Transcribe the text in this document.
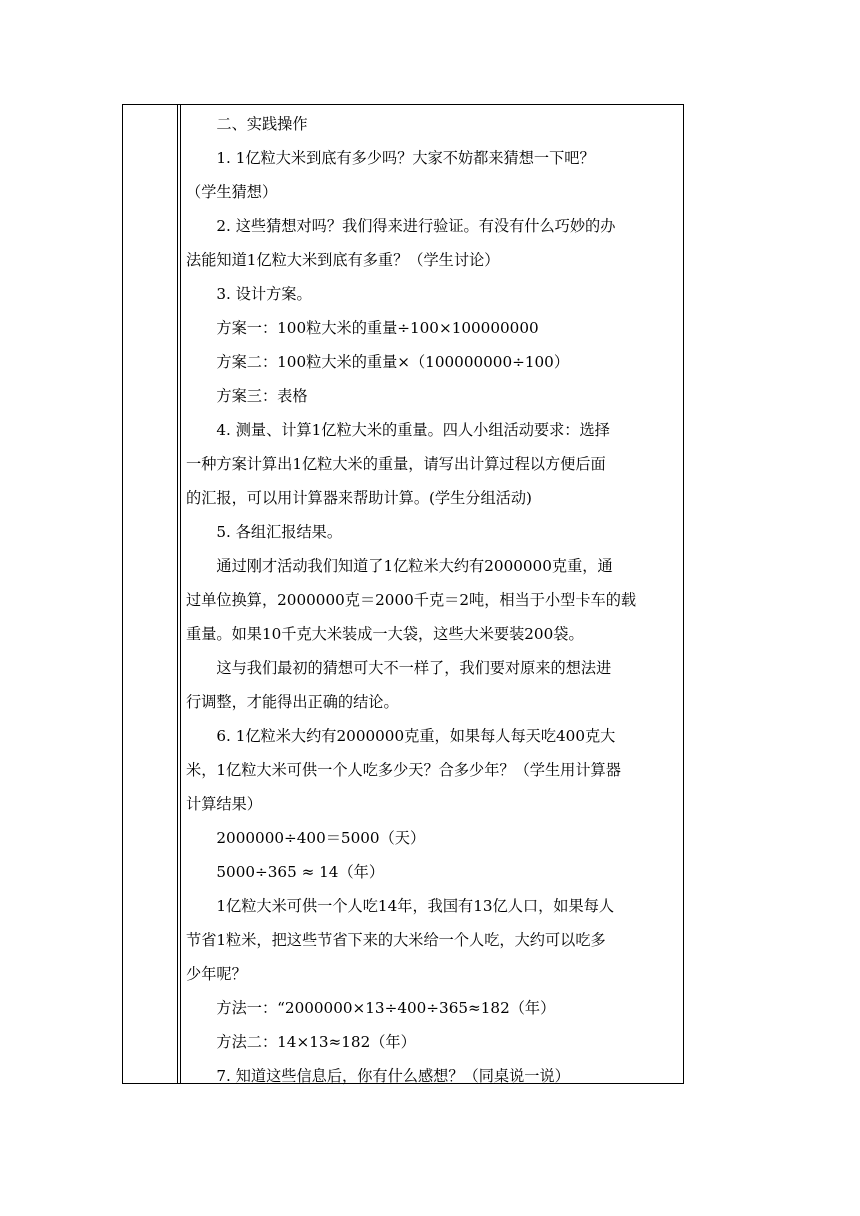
二、实践操作

1. 1亿粒大米到底有多少吗？大家不妨都来猜想一下吧？

（学生猜想）

2. 这些猜想对吗？我们得来进行验证。有没有什么巧妙的办

法能知道1亿粒大米到底有多重？（学生讨论）

3. 设计方案。

方案一：100粒大米的重量÷100×100000000

方案二：100粒大米的重量×（100000000÷100）

方案三：表格

4. 测量、计算1亿粒大米的重量。四人小组活动要求：选择

一种方案计算出1亿粒大米的重量，请写出计算过程以方便后面

的汇报，可以用计算器来帮助计算。(学生分组活动)

5. 各组汇报结果。

通过刚才活动我们知道了1亿粒米大约有2000000克重，通

过单位换算，2000000克＝2000千克＝2吨，相当于小型卡车的载

重量。如果10千克大米装成一大袋，这些大米要装200袋。

这与我们最初的猜想可大不一样了，我们要对原来的想法进

行调整，才能得出正确的结论。

6. 1亿粒米大约有2000000克重，如果每人每天吃400克大

米，1亿粒大米可供一个人吃多少天？合多少年？（学生用计算器

计算结果）

2000000÷400＝5000（天）

5000÷365 ≈ 14（年）

1亿粒大米可供一个人吃14年，我国有13亿人口，如果每人

节省1粒米，把这些节省下来的大米给一个人吃，大约可以吃多

少年呢？

方法一：“2000000×13÷400÷365≈182（年）

方法二：14×13≈182（年）

7. 知道这些信息后，你有什么感想？（同桌说一说）
